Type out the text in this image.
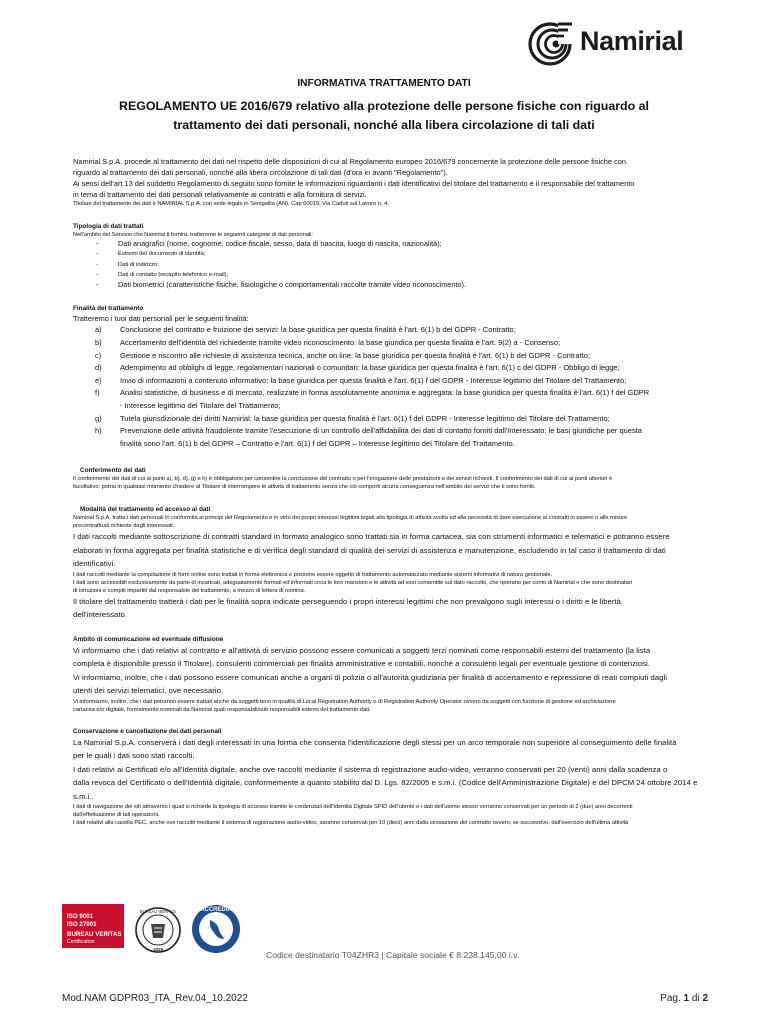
Namirial
INFORMATIVA TRATTAMENTO DATI
REGOLAMENTO UE 2016/679 relativo alla protezione delle persone fisiche con riguardo al
trattamento dei dati personali, nonché alla libera circolazione di tali dati

Namirial S.p.A. procede al trattamento dei dati nel rispetto delle disposizioni di cui al Regolamento europeo 2016/679 concernente la protezione delle persone fisiche con

riguardo al trattamento dei dati personali, nonché alla libera circolazione di tali dati (d'ora in avanti "Regolamento").

Ai sensi dell'art.13 del suddetto Regolamento di seguito sono fornite le informazioni riguardanti i dati identificativi del titolare del trattamento e il responsabile del trattamento

in tema di trattamento dei dati personali relativamente ai contratti e alla fornitura di servizi.

Titolare del trattamento dei dati è NAMIRIAL S.p.A. con sede legale in Senigallia (AN), Cap 60019, Via Caduti sul Lavoro n. 4.

Tipologia di dati trattati

Nell'ambito del Servizio che Namirial ti fornirà, tratteremo le seguenti categorie di dati personali:

-	Dati anagrafici (nome, cognome, codice fiscale, sesso, data di nascita, luogo di nascita, nazionalità);
-	Estremi del documento di identità;
-	Dati di indirizzo;
-	Dati di contatto (recapito telefonico e-mail);
-	Dati biometrici (caratteristiche fisiche, fisiologiche o comportamentali raccolte tramite video riconoscimento).
Finalità del trattamento

Tratteremo i tuoi dati personali per le seguenti finalità:

a) Conclusione del contratto e fruizione dei servizi: la base giuridica per questa finalità è l'art. 6(1) b del GDPR - Contratto;
b) Accertamento dell'identità del richiedente tramite video riconoscimento: la base giuridica per questa finalità è l'art. 9(2) a - Consenso;
c)	Gestione e riscontro alle richieste di assistenza tecnica, anche on line: la base giuridica per questa finalità è l'art. 6(1) b del GDPR - Contratto;
d) Adempimento ad obblighi di legge, regolamentari nazionali o comunitari: la base giuridica per questa finalità è l'art. 6(1) c del GDPR - Obbligo di legge;
e) Invio di informazioni a contenuto informativo: la base giuridica per questa finalità è l'art. 6(1) f del GDPR - Interesse legittimo del Titolare del Trattamento;
f)	Analisi statistiche, di business e di mercato, realizzate in forma assolutamente anonima e aggregata: la base giuridica per questa finalità è l'art. 6(1) f del GDPR
- Interesse legittimo del Titolare del Trattamento;
g) Tutela giurisdizionale dei diritti Namirial: la base giuridica per questa finalità è l'art. 6(1) f del GDPR - Interesse legittimo del Titolare del Trattamento;
h) Prevenzione delle attività fraudolente tramite l'esecuzione di un controllo dell'affidabilità dei dati di contatto forniti dall'Interessato: le basi giuridiche per questa
finalità sono l'art. 6(1) b del GDPR – Contratto e l'art. 6(1) f del GDPR – Interesse legittimo del Titolare del Trattamento.
Conferimento dei dati

Il conferimento dei dati di cui ai punti a), b), d), g) e h) è obbligatorio per consentire la conclusione del contratto o per l'erogazione delle prestazioni e dei servizi richiesti. Il conferimento dei dati di cui ai punti ulteriori è

facoltativo: potrai in qualsiasi momento chiedere al Titolare di interrompere le attività di trattamento senza che ciò comporti alcuna conseguenza nell'ambito dei servizi che ti sono forniti.

Modalità del trattamento ed accesso ai dati

Namirial S.p.A. tratta i dati personali in conformità ai principi del Regolamento e in virtù dei propri interessi legittimi legati alla tipologia di attività svolta ed alla necessità di dare esecuzione ai contratti in essere o alle misure

precontrattuali richieste dagli interessati.

I dati raccolti mediante sottoscrizione di contratti standard in formato analogico sono trattati sia in forma cartacea, sia con strumenti informatici e telematici e potranno essere

elaborati in forma aggregata per finalità statistiche e di verifica degli standard di qualità dei servizi di assistenza e manutenzione, escludendo in tal caso il trattamento di dati

identificativi.

I dati raccolti mediante la compilazione di form online sono trattati in forma elettronica e possono essere oggetto di trattamento automatizzato mediante sistemi informativi di natura gestionale.

I dati sono accessibili esclusivamente da parte di incaricati, adeguatamente formati ed informati circa le loro mansioni e le attività ad essi consentite sul dato raccolto, che operano per conto di Namirial e che sono destinatari

di istruzioni e compiti impartiti dal responsabile del trattamento, a mezzo di lettera di nomina.

Il titolare del trattamento tratterà i dati per le finalità sopra indicate perseguendo i propri interessi legittimi che non prevalgono sugli interessi o i diritti e le libertà

dell'interessato.

Ambito di comunicazione ed eventuale diffusione

Vi informiamo che i dati relativi al contratto e all'attività di servizio possono essere comunicati a soggetti terzi nominati come responsabili esterni del trattamento (la lista

completa è disponibile presso il Titolare), consulenti commerciali per finalità amministrative e contabili, nonché a consulenti legali per eventuale gestione di contenziosi.

Vi informiamo, inoltre, che i dati possono essere comunicati anche a organi di polizia o all'autorità giudiziaria per finalità di accertamento e repressione di reati compiuti dagli

utenti dei servizi telematici, ove necessario.

Vi informiamo, inoltre, che i dati potranno essere trattati anche da soggetti terzi in qualità di Local Registration Authority o di Registration Authority Operator ovvero da soggetti con funzione di gestione ed archiviazione

cartacea e/o digitale, formalmente nominati da Namirial quali responsabili/sub responsabili esterni del trattamento dati.

Conservazione e cancellazione dei dati personali

La Namirial S.p.A. conserverà i dati degli interessati in una forma che consenta l'identificazione degli stessi per un arco temporale non superiore al conseguimento delle finalità

per le quali i dati sono stati raccolti.

I dati relativi ai Certificati e/o all'Identità digitale, anche ove raccolti mediante il sistema di registrazione audio-video, verranno conservati per 20 (venti) anni dalla scadenza o

dalla revoca del Certificato o dell'Identità digitale, conformemente a quanto stabilito dal D. Lgs. 82/2005 e s.m.i. (Codice dell'Amministrazione Digitale) e del DPCM 24 ottobre 2014 e s.m.i..

I dati di navigazione dei siti attraverso i quali si richiede la tipologia di accesso tramite le credenziali dell'Identità Digitale SPID dell'utente e i dati dell'utente stesso verranno conservati per un periodo di 2 (due) anni decorrenti

dall'effettuazione di tali operazioni.

I dati relativi alla casella PEC, anche ove raccolti mediante il sistema di registrazione audio-video, saranno conservati per 10 (dieci) anni dalla cessazione del contratto ovvero, se successivo, dall'esercizio dell'ultima attività

ISO 9001
ISO 27001
BUREAU VERITAS
Certification
BUREAU VERITAS
1828
ACCREDIA
Codice destinatario T04ZHR3 | Capitale sociale € 8.238.145,00 i.v.
Mod.NAM GDPR03_ITA_Rev.04_10.2022	Pag. 1 di 2
